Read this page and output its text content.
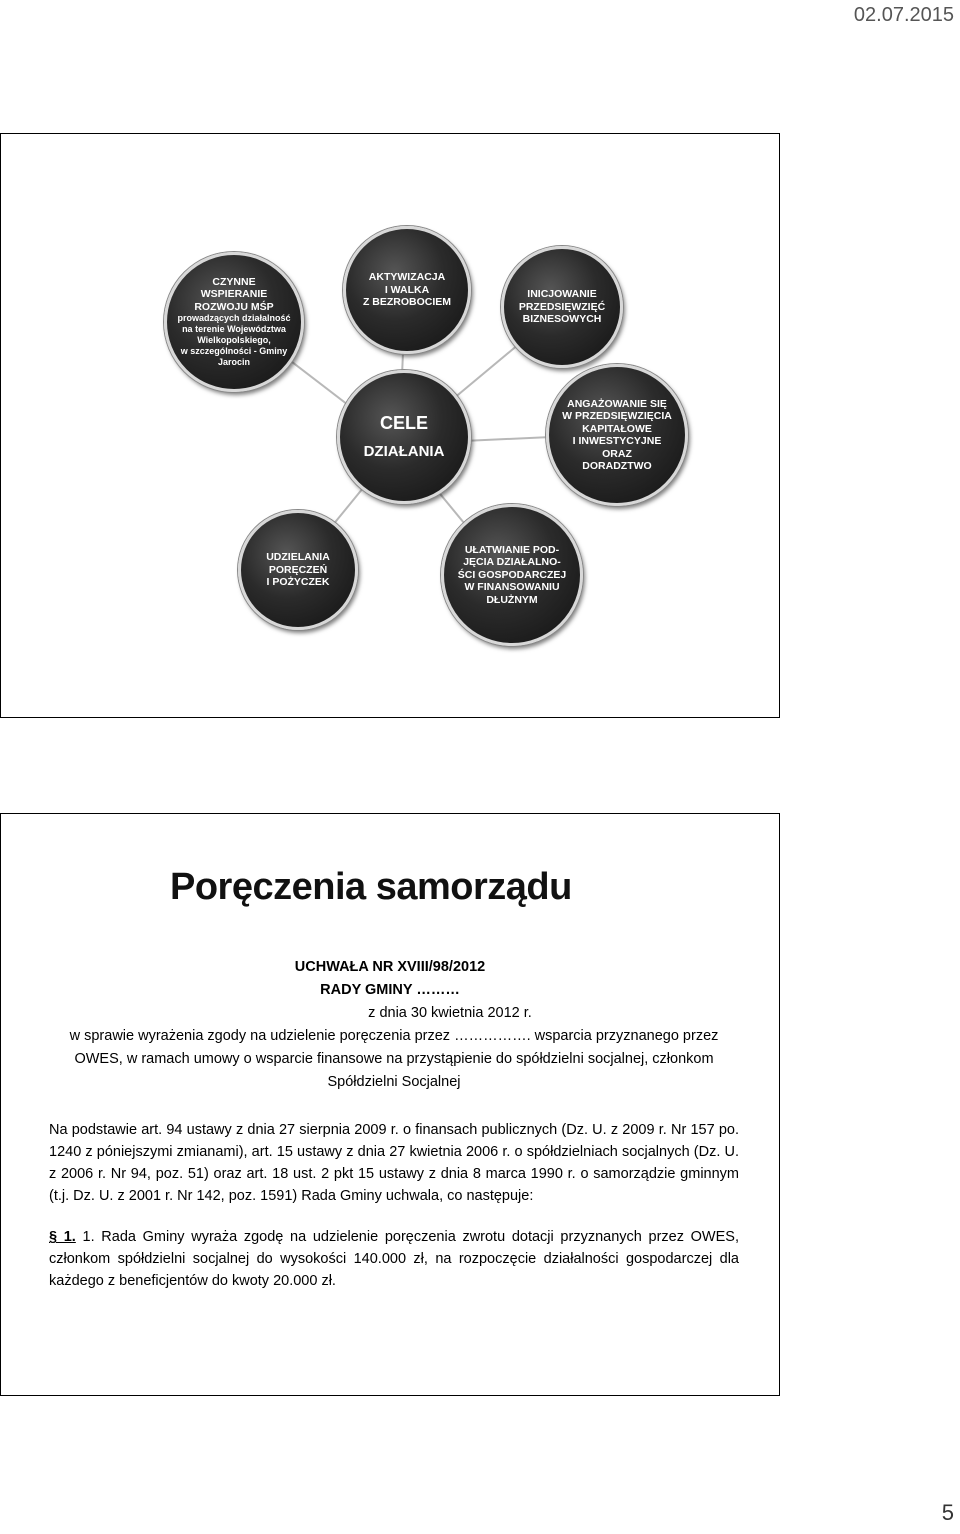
02.07.2015
CZYNNE
WSPIERANIE
ROZWOJU MŚP
prowadzących działalność
na terenie Województwa
Wielkopolskiego,
w szczególności - Gminy
Jarocin
AKTYWIZACJA
I WALKA
Z BEZROBOCIEM
INICJOWANIE
PRZEDSIĘWZIĘĆ
BIZNESOWYCH
ANGAŻOWANIE SIĘ
W PRZEDSIĘWZIĘCIA
KAPITAŁOWE
I INWESTYCYJNE
ORAZ
DORADZTWO
UŁATWIANIE POD-
JĘCIA DZIAŁALNO-
ŚCI GOSPODARCZEJ
W FINANSOWANIU
DŁUŻNYM
UDZIELANIA
PORĘCZEŃ
I POŻYCZEK
CELE
DZIAŁANIA
Poręczenia samorządu
UCHWAŁA NR XVIII/98/2012
RADY GMINY ………
z dnia 30 kwietnia 2012 r.
w sprawie wyrażenia zgody na udzielenie poręczenia przez ……………. wsparcia przyznanego przez OWES, w ramach umowy o wsparcie finansowe na przystąpienie do spółdzielni socjalnej, członkom Spółdzielni Socjalnej
Na podstawie art. 94 ustawy z dnia 27 sierpnia 2009 r. o finansach publicznych (Dz. U. z 2009 r. Nr 157 po. 1240 z póniejszymi zmianami), art. 15 ustawy z dnia 27 kwietnia 2006 r. o spółdzielniach socjalnych (Dz. U. z 2006 r. Nr 94, poz. 51) oraz art. 18 ust. 2 pkt 15 ustawy z dnia 8 marca 1990 r. o samorządzie gminnym (t.j. Dz. U. z 2001 r. Nr 142, poz. 1591) Rada Gminy uchwala, co następuje:
§ 1. 1. Rada Gminy wyraża zgodę na udzielenie poręczenia zwrotu dotacji przyznanych przez OWES, członkom spółdzielni socjalnej do wysokości 140.000 zł, na rozpoczęcie działalności gospodarczej dla każdego z beneficjentów do kwoty 20.000 zł.
5
